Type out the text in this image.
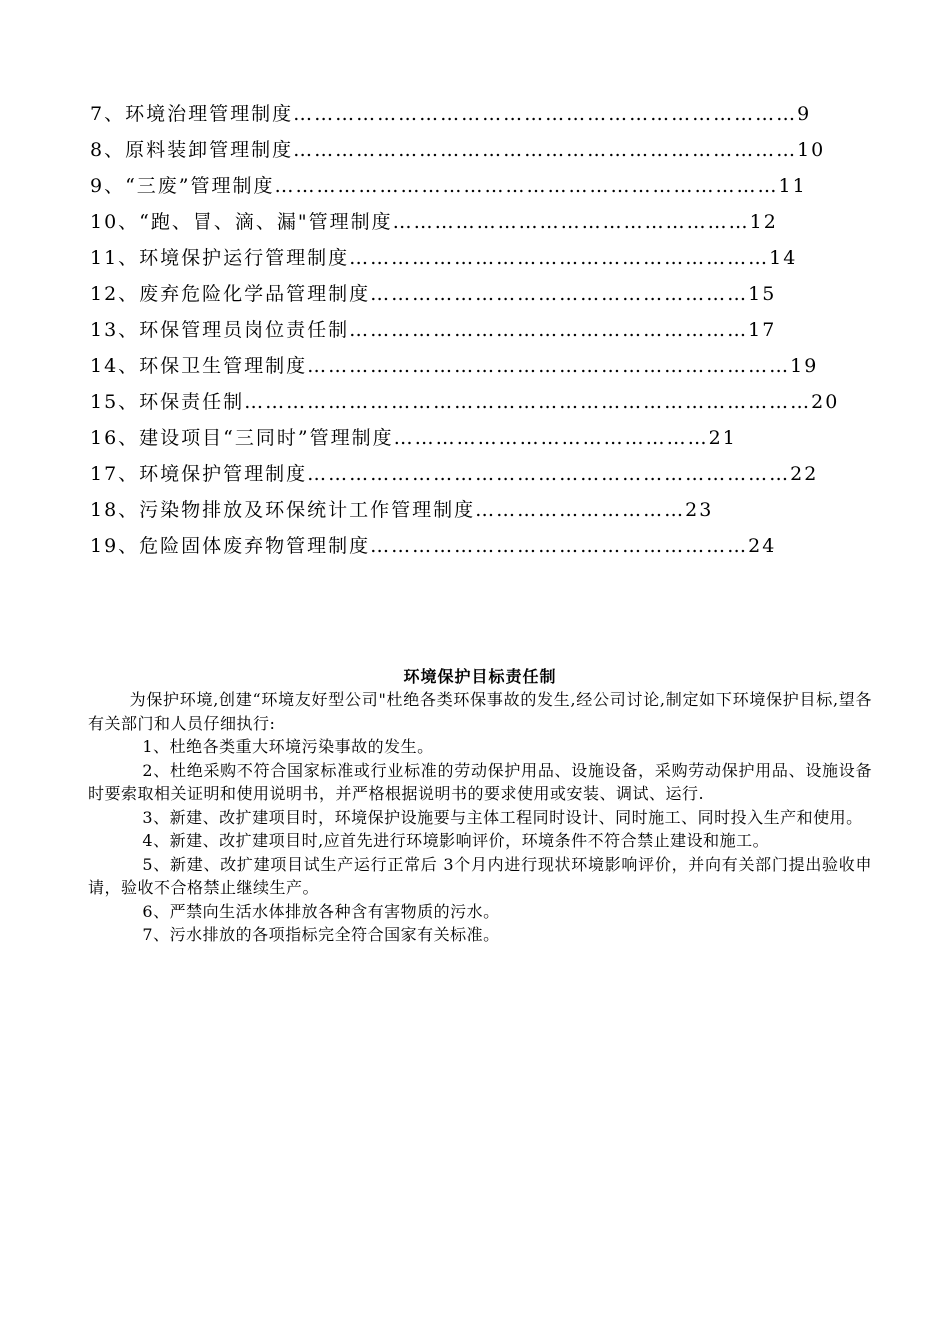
7、环境治理管理制度………………………………………………………………9
8、原料装卸管理制度………………………………………………………………10
9、“三废”管理制度………………………………………………………………11
10、“跑、冒、滴、漏"管理制度……………………………………………12
11、环境保护运行管理制度……………………………………………………14
12、废弃危险化学品管理制度………………………………………………15
13、环保管理员岗位责任制…………………………………………………17
14、环保卫生管理制度……………………………………………………………19
15、环保责任制………………………………………………………………………20
16、建设项目“三同时”管理制度………………………………………21
17、环境保护管理制度……………………………………………………………22
18、污染物排放及环保统计工作管理制度…………………………23
19、危险固体废弃物管理制度………………………………………………24
环境保护目标责任制

为保护环境,创建“环境友好型公司"杜绝各类环保事故的发生,经公司讨论,制定如下环境保护目标,望各有关部门和人员仔细执行:

1、杜绝各类重大环境污染事故的发生。

2、杜绝采购不符合国家标准或行业标准的劳动保护用品、设施设备，采购劳动保护用品、设施设备时要索取相关证明和使用说明书，并严格根据说明书的要求使用或安装、调试、运行.

3、新建、改扩建项目时，环境保护设施要与主体工程同时设计、同时施工、同时投入生产和使用。

4、新建、改扩建项目时,应首先进行环境影响评价，环境条件不符合禁止建设和施工。

5、新建、改扩建项目试生产运行正常后 3个月内进行现状环境影响评价，并向有关部门提出验收申请，验收不合格禁止继续生产。

6、严禁向生活水体排放各种含有害物质的污水。

7、污水排放的各项指标完全符合国家有关标准。
